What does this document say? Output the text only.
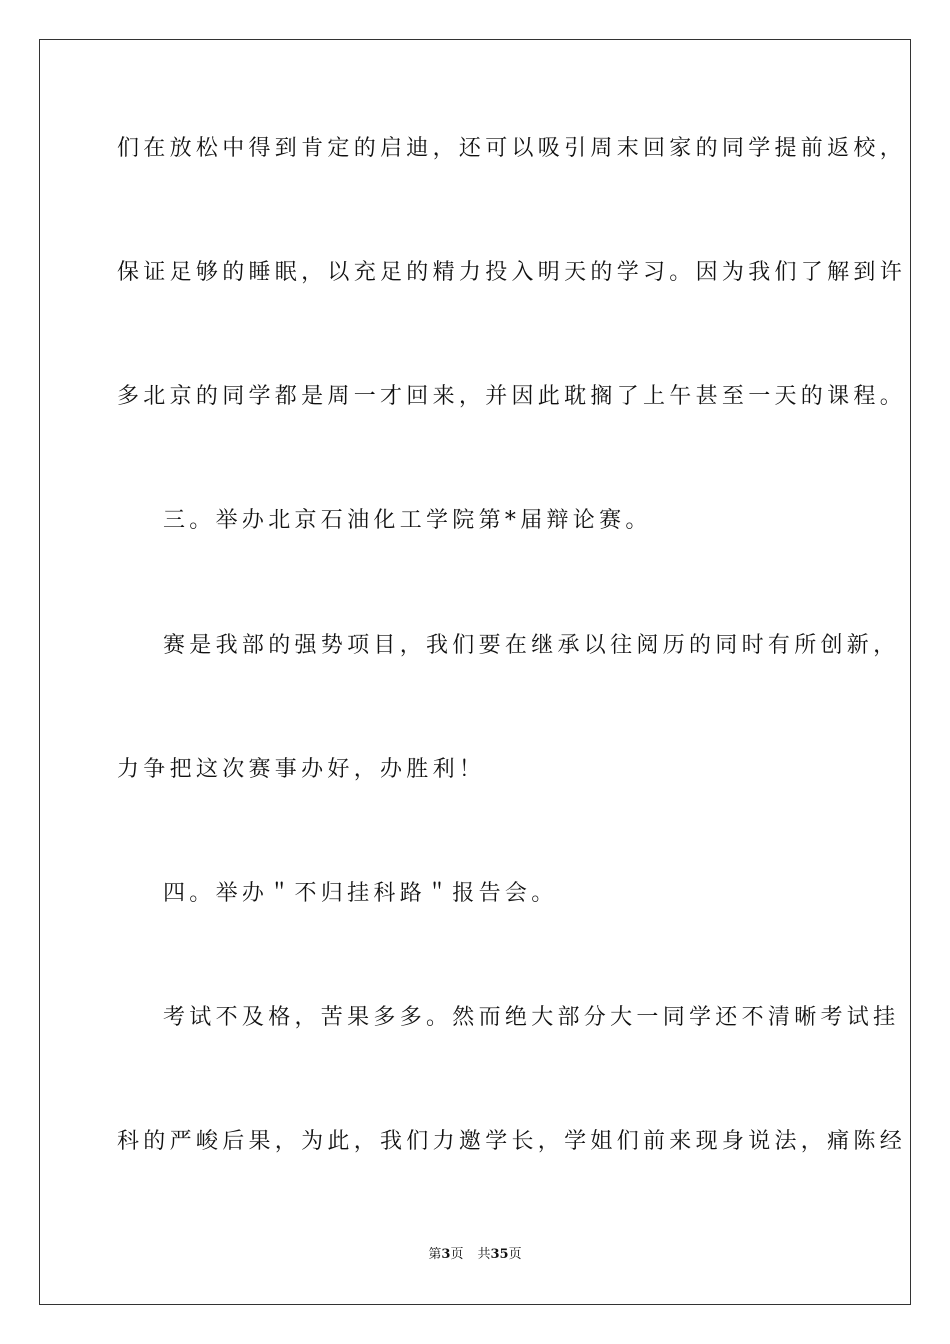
们在放松中得到肯定的启迪，还可以吸引周末回家的同学提前返校，
保证足够的睡眠，以充足的精力投入明天的学习。因为我们了解到许
多北京的同学都是周一才回来，并因此耽搁了上午甚至一天的课程。
三。举办北京石油化工学院第*届辩论赛。
赛是我部的强势项目，我们要在继承以往阅历的同时有所创新，
力争把这次赛事办好，办胜利！
四。举办＂不归挂科路＂报告会。
考试不及格，苦果多多。然而绝大部分大一同学还不清晰考试挂
科的严峻后果，为此，我们力邀学长，学姐们前来现身说法，痛陈经
第3页 共35页
